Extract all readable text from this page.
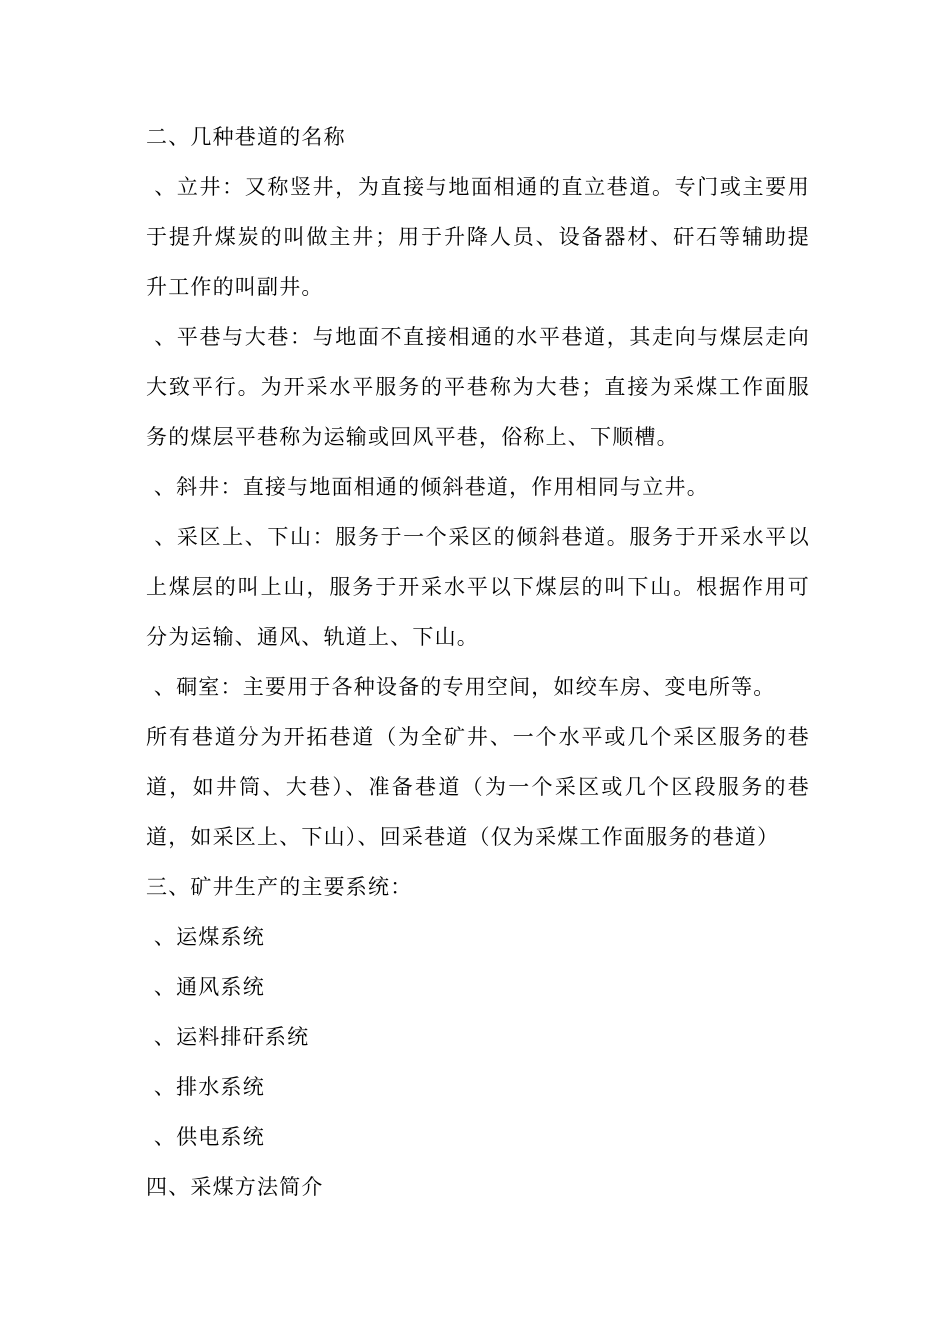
二、几种巷道的名称

、立井：又称竖井，为直接与地面相通的直立巷道。专门或主要用于提升煤炭的叫做主井；用于升降人员、设备器材、矸石等辅助提升工作的叫副井。

、平巷与大巷：与地面不直接相通的水平巷道，其走向与煤层走向大致平行。为开采水平服务的平巷称为大巷；直接为采煤工作面服务的煤层平巷称为运输或回风平巷，俗称上、下顺槽。

、斜井：直接与地面相通的倾斜巷道，作用相同与立井。

、采区上、下山：服务于一个采区的倾斜巷道。服务于开采水平以上煤层的叫上山，服务于开采水平以下煤层的叫下山。根据作用可分为运输、通风、轨道上、下山。

、硐室：主要用于各种设备的专用空间，如绞车房、变电所等。

所有巷道分为开拓巷道（为全矿井、一个水平或几个采区服务的巷道，如井筒、大巷）、准备巷道（为一个采区或几个区段服务的巷道，如采区上、下山）、回采巷道（仅为采煤工作面服务的巷道）

三、矿井生产的主要系统：

、运煤系统

、通风系统

、运料排矸系统

、排水系统

、供电系统

四、采煤方法简介
